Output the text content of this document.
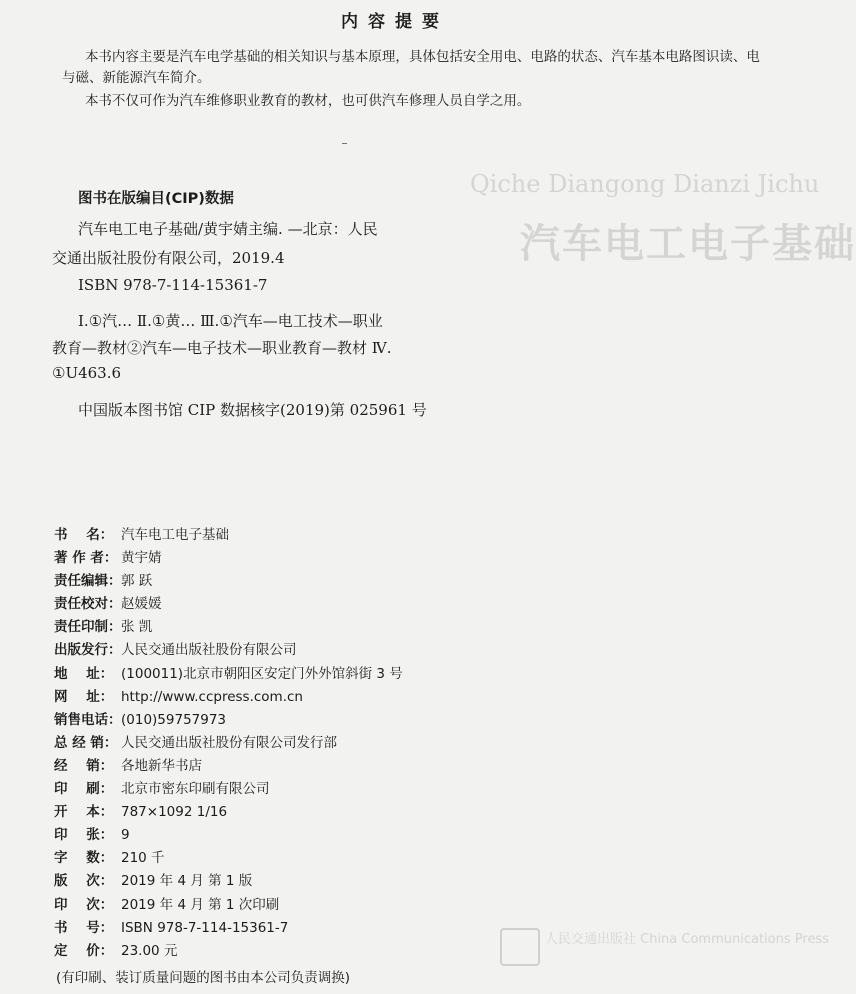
Qiche Diangong Dianzi Jichu
汽车电工电子基础
人民交通出版社 China Communications Press
内容提要

本书内容主要是汽车电学基础的相关知识与基本原理，具体包括安全用电、电路的状态、汽车基本电路图识读、电与磁、新能源汽车简介。

本书不仅可作为汽车维修职业教育的教材，也可供汽车修理人员自学之用。

图书在版编目(CIP)数据
汽车电工电子基础/黄宇婧主编. —北京：人民
交通出版社股份有限公司，2019.4
ISBN 978-7-114-15361-7
Ⅰ.①汽… Ⅱ.①黄… Ⅲ.①汽车—电工技术—职业
教育—教材②汽车—电子技术—职业教育—教材 Ⅳ.
①U463.6
中国版本图书馆 CIP 数据核字(2019)第 025961 号
书    名： 汽车电工电子基础
著 作 者： 黄宇婧
责任编辑： 郭 跃
责任校对： 赵媛媛
责任印制： 张 凯
出版发行： 人民交通出版社股份有限公司
地    址： (100011)北京市朝阳区安定门外外馆斜街 3 号
网    址： http://www.ccpress.com.cn
销售电话： (010)59757973
总 经 销： 人民交通出版社股份有限公司发行部
经    销： 各地新华书店
印    刷： 北京市密东印刷有限公司
开    本： 787×1092 1/16
印    张： 9
字    数： 210 千
版    次： 2019 年 4 月 第 1 版
印    次： 2019 年 4 月 第 1 次印刷
书    号： ISBN 978-7-114-15361-7
定    价： 23.00 元
(有印刷、装订质量问题的图书由本公司负责调换)
